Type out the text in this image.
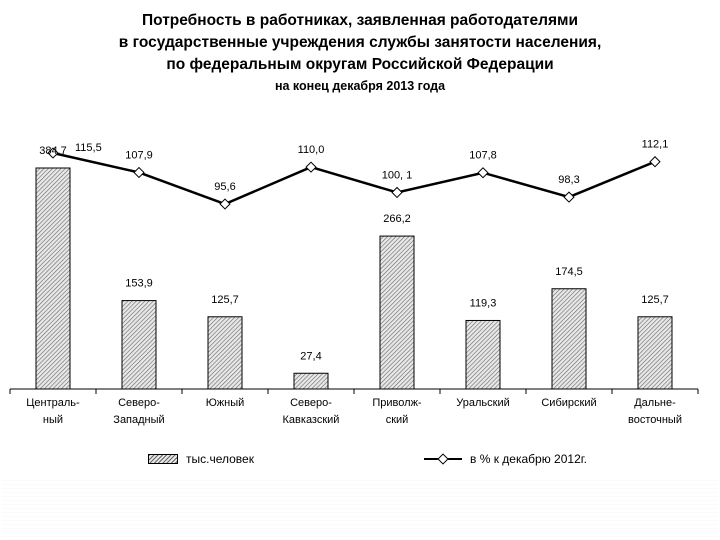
Потребность в работниках, заявленная работодателями
в государственные учреждения службы занятости населения,
по федеральным округам Российской Федерации
на конец декабря 2013 года
384,7
Централь-
ный
153,9
Северо-
Западный
125,7
Южный
27,4
Северо-
Кавказский
266,2
Приволж-
ский
119,3
Уральский
174,5
Сибирский
125,7
Дальне-
восточный
115,5
107,9
95,6
110,0
100, 1
107,8
98,3
112,1
тыс.человек	в % к декабрю 2012г.
